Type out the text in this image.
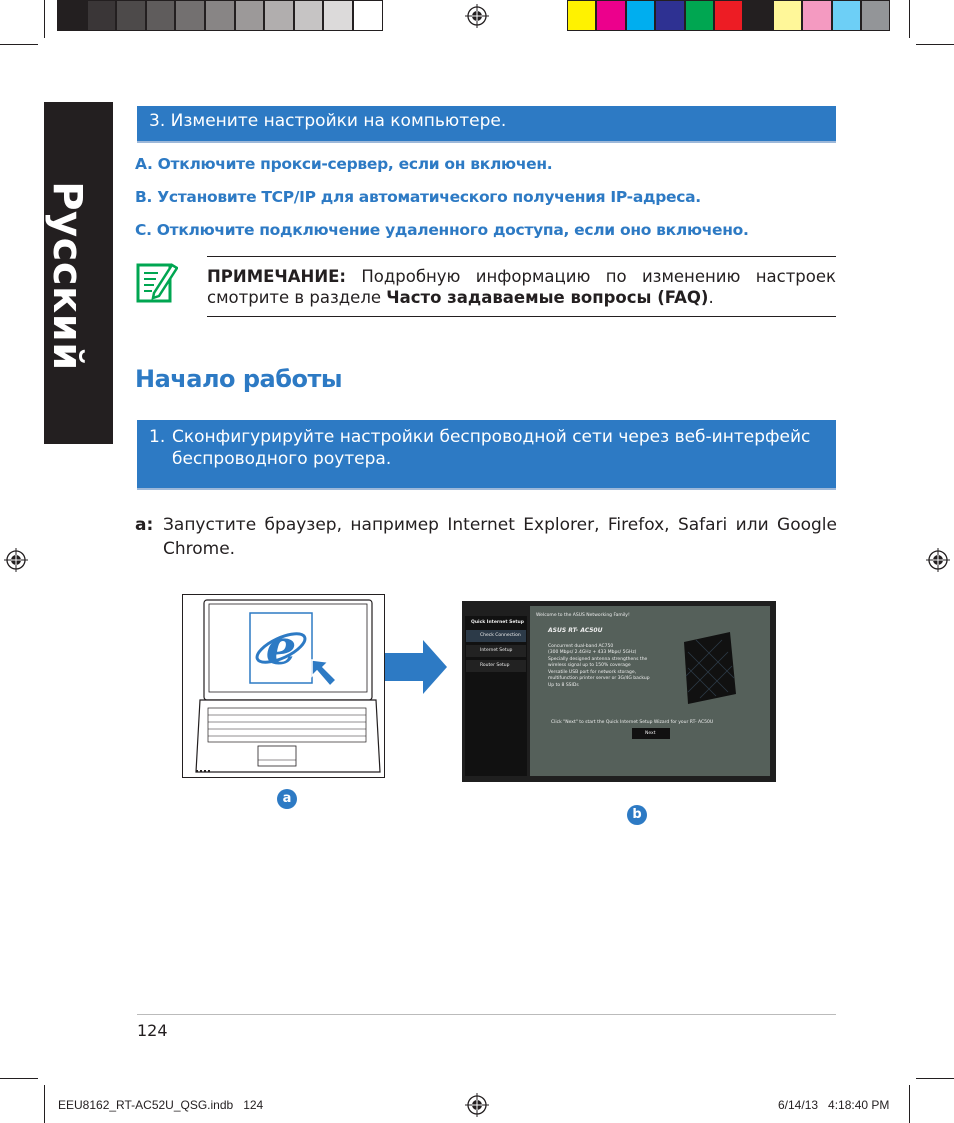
Русский
3. Измените настройки на компьютере.
A. Отключите прокси-сервер, если он включен.
B. Установите TCP/IP для автоматического получения IP-адреса.
C. Отключите подключение удаленного доступа, если оно включено.
ПРИМЕЧАНИЕ: Подробную информацию по изменению настроек смотрите в разделе Часто задаваемые вопросы (FAQ).
Начало работы
1. Сконфигурируйте настройки беспроводной сети через веб-интерфейс беспроводного роутера.
a: Запустите браузер, например Internet Explorer, Firefox, Safari или Google Chrome.
e	Quick Internet Setup
Check Connection
Internet Setup
Router Setup
Welcome to the ASUS Networking Family!
ASUS RT- AC50U
Concurrent dual-band AC750
(300 Mbps/ 2.4GHz + 433 Mbps/ 5GHz)
Specially designed antenna strengthens the
wireless signal up to 150% coverage
Versatile USB port for network storage,
multifunction printer server or 3G/4G backup
Up to 8 SSIDs
Click "Next" to start the Quick Internet Setup Wizard for your RT- AC50U
Next
a
b
124
EEU8162_RT-AC52U_QSG.indb   124	6/14/13   4:18:40 PM
